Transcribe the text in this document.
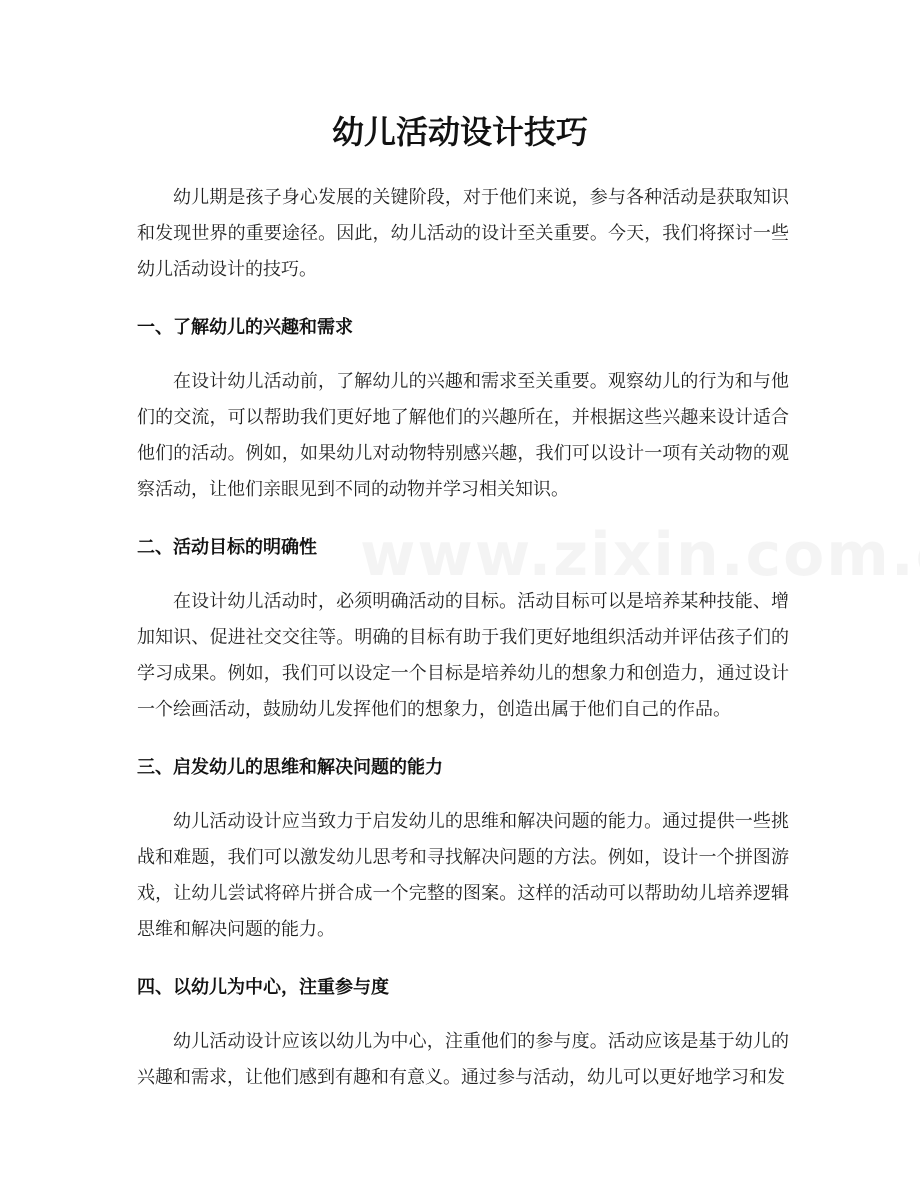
幼儿活动设计技巧

幼儿期是孩子身心发展的关键阶段，对于他们来说，参与各种活动是获取知识和发现世界的重要途径。因此，幼儿活动的设计至关重要。今天，我们将探讨一些幼儿活动设计的技巧。

一、了解幼儿的兴趣和需求

在设计幼儿活动前，了解幼儿的兴趣和需求至关重要。观察幼儿的行为和与他们的交流，可以帮助我们更好地了解他们的兴趣所在，并根据这些兴趣来设计适合他们的活动。例如，如果幼儿对动物特别感兴趣，我们可以设计一项有关动物的观察活动，让他们亲眼见到不同的动物并学习相关知识。

二、活动目标的明确性

在设计幼儿活动时，必须明确活动的目标。活动目标可以是培养某种技能、增加知识、促进社交交往等。明确的目标有助于我们更好地组织活动并评估孩子们的学习成果。例如，我们可以设定一个目标是培养幼儿的想象力和创造力，通过设计一个绘画活动，鼓励幼儿发挥他们的想象力，创造出属于他们自己的作品。

三、启发幼儿的思维和解决问题的能力

幼儿活动设计应当致力于启发幼儿的思维和解决问题的能力。通过提供一些挑战和难题，我们可以激发幼儿思考和寻找解决问题的方法。例如，设计一个拼图游戏，让幼儿尝试将碎片拼合成一个完整的图案。这样的活动可以帮助幼儿培养逻辑思维和解决问题的能力。

四、以幼儿为中心，注重参与度

幼儿活动设计应该以幼儿为中心，注重他们的参与度。活动应该是基于幼儿的兴趣和需求，让他们感到有趣和有意义。通过参与活动，幼儿可以更好地学习和发
